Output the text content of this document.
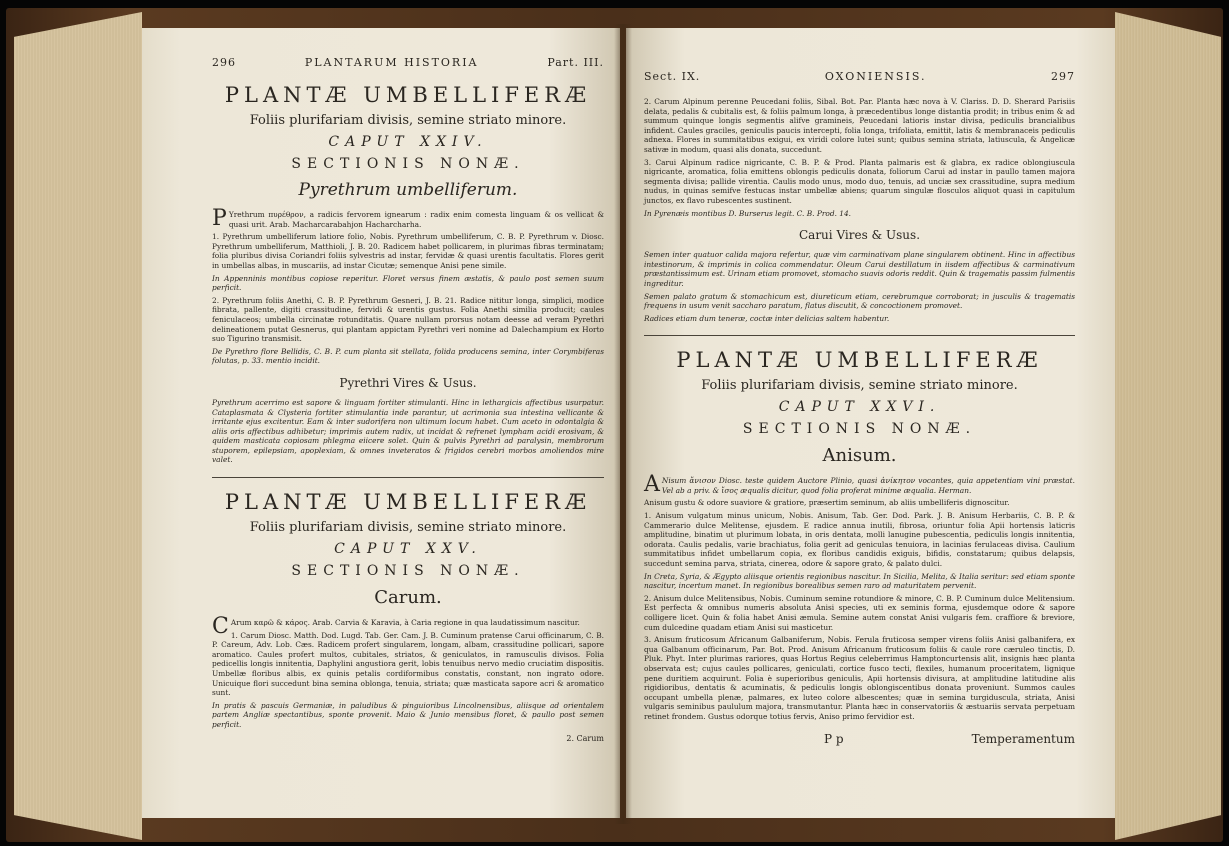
296	PLANTARUM HISTORIA	Part. III.
PLANTÆ UMBELLIFERÆ
Foliis plurifariam divisis, semine striato minore.
CAPUT XXIV.
SECTIONIS NONÆ.
Pyrethrum umbelliferum.

P Yrethrum πυρέθρον, a radicis fervorem ignearum : radix enim comesta linguam & os vellicat & quasi urit. Arab. Macharcarabahjon Hacharcharha.

1. Pyrethrum umbelliferum latiore folio, Nobis. Pyrethrum umbelliferum, C. B. P. Pyrethrum v. Diosc. Pyrethrum umbelliferum, Matthioli, J. B. 20. Radicem habet pollicarem, in plurimas fibras terminatam; folia pluribus divisa Coriandri foliis sylvestris ad instar, fervidæ & quasi urentis facultatis. Flores gerit in umbellas albas, in muscariis, ad instar Cicutæ; semenque Anisi pene simile.

In Appenninis montibus copiose reperitur. Floret versus finem æstatis, & paulo post semen suum perficit.

2. Pyrethrum foliis Anethi, C. B. P. Pyrethrum Gesneri, J. B. 21. Radice nititur longa, simplici, modice fibrata, pallente, digiti crassitudine, fervidi & urentis gustus. Folia Anethi similia producit; caules feniculaceos; umbella circinatæ rotunditatis. Quare nullam prorsus notam deesse ad veram Pyrethri delineationem putat Gesnerus, qui plantam appictam Pyrethri veri nomine ad Dalechampium ex Horto suo Tigurino transmisit.

De Pyrethro flore Bellidis, C. B. P. cum planta sit stellata, folida producens semina, inter Corymbiferas folutas, p. 33. mentio incidit.

Pyrethri Vires & Usus.

Pyrethrum acerrimo est sapore & linguam fortiter stimulanti. Hinc in lethargicis affectibus usurpatur. Cataplasmata & Clysteria fortiter stimulantia inde parantur, ut acrimonia sua intestina vellicante & irritante ejus excitentur. Eam & inter sudorifera non ultimum locum habet. Cum aceto in odontalgia & aliis oris affectibus adhibetur; imprimis autem radix, ut incidat & refrenet lympham acidi erosivam, & quidem masticata copiosam phlegma eiicere solet. Quin & pulvis Pyrethri ad paralysin, membrorum stuporem, epilepsiam, apoplexiam, & omnes inveteratos & frigidos cerebri morbos amoliendos mire valet.

PLANTÆ UMBELLIFERÆ
Foliis plurifariam divisis, semine striato minore.
CAPUT XXV.
SECTIONIS NONÆ.
Carum.

C Arum καρῶ & κάρος. Arab. Carvia & Karavia, à Caria regione in qua laudatissimum nascitur.

1. Carum Diosc. Matth. Dod. Lugd. Tab. Ger. Cam. J. B. Cuminum pratense Carui officinarum, C. B. P. Careum, Adv. Lob. Cæs. Radicem profert singularem, longam, albam, crassitudine pollicari, sapore aromatico. Caules profert multos, cubitales, striatos, & geniculatos, in ramusculis divisos. Folia pedicellis longis innitentia, Daphylini angustiora gerit, lobis tenuibus nervo medio cruciatim dispositis. Umbellæ floribus albis, ex quinis petalis cordiformibus constatis, constant, non ingrato odore. Unicuique flori succedunt bina semina oblonga, tenuia, striata; quæ masticata sapore acri & aromatico sunt.

In pratis & pascuis Germaniæ, in paludibus & pinguioribus Lincolnensibus, aliisque ad orientalem partem Angliæ spectantibus, sponte provenit. Maio & Junio mensibus floret, & paullo post semen perficit.

2. Carum
Sect. IX.	OXONIENSIS.	297

2. Carum Alpinum perenne Peucedani foliis, Sibal. Bot. Par. Planta hæc nova à V. Clariss. D. D. Sherard Parisiis delata, pedalis & cubitalis est, & foliis palmum longa, à præcedentibus longe distantia prodit; in tribus enim & ad summum quinque longis segmentis alifve gramineis, Peucedani latioris instar divisa, pediculis brancialibus infident. Caules graciles, geniculis paucis intercepti, folia longa, trifoliata, emittit, latis & membranaceis pediculis adnexa. Flores in summitatibus exigui, ex viridi colore lutei sunt; quibus semina striata, latiuscula, & Angelicæ sativæ in modum, quasi alis donata, succedunt.

3. Carui Alpinum radice nigricante, C. B. P. & Prod. Planta palmaris est & glabra, ex radice oblongiuscula nigricante, aromatica, folia emittens oblongis pediculis donata, foliorum Carui ad instar in paullo tamen majora segmenta divisa; pallide virentia. Caulis modo unus, modo duo, tenuis, ad unciæ sex crassitudine, supra medium nudus, in quinas semifve festucas instar umbellæ abiens; quarum singulæ flosculos aliquot quasi in capitulum junctos, ex flavo rubescentes sustinent.

In Pyrenæis montibus D. Burserus legit. C. B. Prod. 14.

Carui Vires & Usus.

Semen inter quatuor calida majora refertur, quæ vim carminativam plane singularem obtinent. Hinc in affectibus intestinorum, & imprimis in colica commendatur. Oleum Carui destillatum in iisdem affectibus & carminativum præstantissimum est. Urinam etiam promovet, stomacho suavis odoris reddit. Quin & tragematis passim fulmentis ingreditur.

Semen palato gratum & stomachicum est, diureticum etiam, cerebrumque corroborat; in jusculis & tragematis frequens in usum venit saccharo paratum, flatus discutit, & concoctionem promovet.

Radices etiam dum teneræ, coctæ inter delicias saltem habentur.

PLANTÆ UMBELLIFERÆ
Foliis plurifariam divisis, semine striato minore.
CAPUT XXVI.
SECTIONIS NONÆ.
Anisum.

A Nisum ἄνισον Diosc. teste quidem Auctore Plinio, quasi ἀνίκητον vocantes, quia appetentiam vini præstat. Vel ab a priv. & ἴσος æqualis dicitur, quod folia proferat minime æqualia. Herman.

Anisum gustu & odore suaviore & gratiore, præsertim seminum, ab aliis umbelliferis dignoscitur.

1. Anisum vulgatum minus unicum, Nobis. Anisum, Tab. Ger. Dod. Park. J. B. Anisum Herbariis, C. B. P. & Cammerario dulce Melitense, ejusdem. E radice annua inutili, fibrosa, oriuntur folia Apii hortensis laticris amplitudine, binatim ut plurimum lobata, in oris dentata, molli lanugine pubescentia, pediculis longis innitentia, odorata. Caulis pedalis, varie brachiatus, folia gerit ad geniculas tenuiora, in lacinias ferulaceas divisa. Caulium summitatibus infidet umbellarum copia, ex floribus candidis exiguis, bifidis, constatarum; quibus delapsis, succedunt semina parva, striata, cinerea, odore & sapore grato, & palato dulci.

In Creta, Syria, & Ægypto aliisque orientis regionibus nascitur. In Sicilia, Melita, & Italia seritur: sed etiam sponte nascitur, incertum manet. In regionibus borealibus semen raro ad maturitatem pervenit.

2. Anisum dulce Melitensibus, Nobis. Cuminum semine rotundiore & minore, C. B. P. Cuminum dulce Melitensium. Est perfecta & omnibus numeris absoluta Anisi species, uti ex seminis forma, ejusdemque odore & sapore colligere licet. Quin & folia habet Anisi æmula. Semine autem constat Anisi vulgaris fem. craffiore & breviore, cum dulcedine quadam etiam Anisi sui masticetur.

3. Anisum fruticosum Africanum Galbaniferum, Nobis. Ferula fruticosa semper virens foliis Anisi galbanifera, ex qua Galbanum officinarum, Par. Bot. Prod. Anisum Africanum fruticosum foliis & caule rore cæruleo tinctis, D. Pluk. Phyt. Inter plurimas rariores, quas Hortus Regius celeberrimus Hamptoncurtensis alit, insignis hæc planta observata est; cujus caules pollicares, geniculati, cortice fusco tecti, flexiles, humanum proceritatem, lignique pene duritiem acquirunt. Folia è superioribus geniculis, Apii hortensis divisura, at amplitudine latitudine alis rigidioribus, dentatis & acuminatis, & pediculis longis oblongiscentibus donata proveniunt. Summos caules occupant umbella plenæ, palmares, ex luteo colore albescentes; quæ in semina turgiduscula, striata, Anisi vulgaris seminibus paululum majora, transmutantur. Planta hæc in conservatoriis & æstuariis servata perpetuam retinet frondem. Gustus odorque totius fervis, Aniso primo fervidior est.

P p	Temperamentum
